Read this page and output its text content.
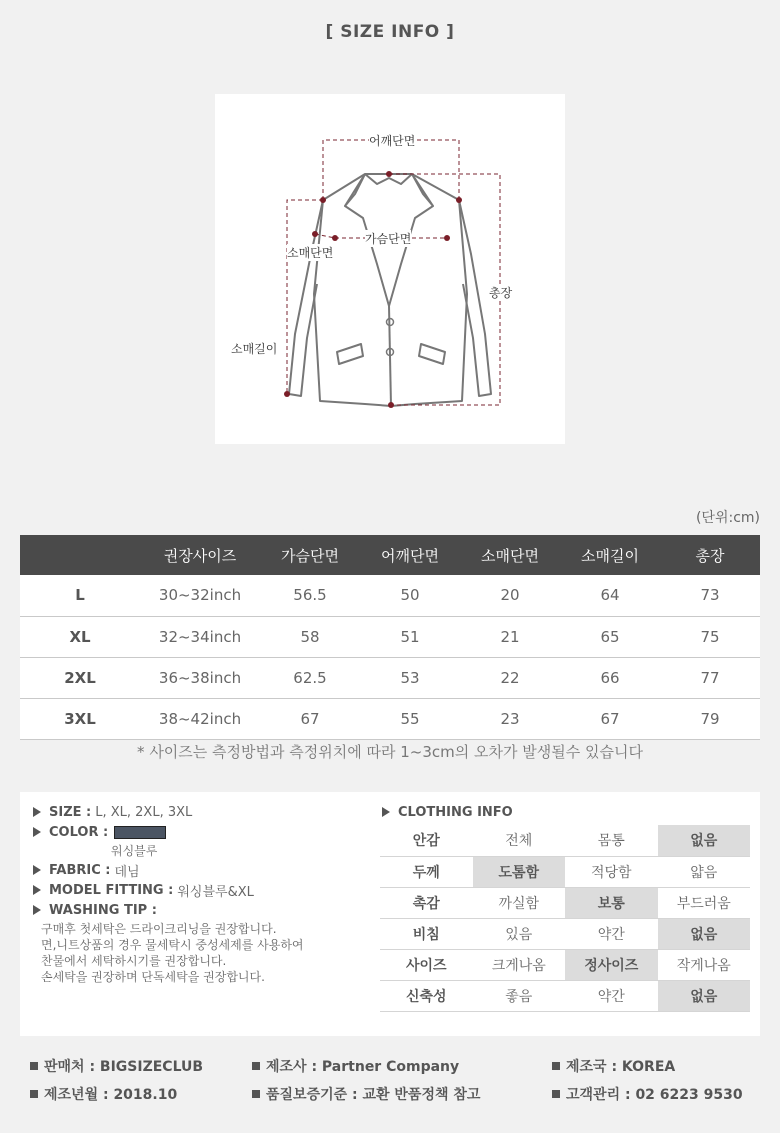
[ SIZE INFO ]
어깨단면
가슴단면
소매단면
총장
소매길이
(단위:cm)
	권장사이즈	가슴단면	어깨단면	소매단면	소매길이	총장
L	30~32inch	56.5	50	20	64	73
XL	32~34inch	58	51	21	65	75
2XL	36~38inch	62.5	53	22	66	77
3XL	38~42inch	67	55	23	67	79
* 사이즈는 측정방법과 측정위치에 따라 1~3cm의 오차가 발생될수 있습니다
SIZE : L, XL, 2XL, 3XL
COLOR :
워싱블루
FABRIC : 데님
MODEL FITTING : 워싱블루&XL
WASHING TIP :
구매후 첫세탁은 드라이크리닝을 권장합니다.
면,니트상품의 경우 물세탁시 중성세제를 사용하여
찬물에서 세탁하시기를 권장합니다.
손세탁을 권장하며 단독세탁을 권장합니다.
CLOTHING INFO
안감	전체	몸통	없음
두께	도톰함	적당함	얇음
촉감	까실함	보통	부드러움
비침	있음	약간	없음
사이즈	크게나옴	정사이즈	작게나옴
신축성	좋음	약간	없음
판매처 : BIGSIZECLUB	제조사 : Partner Company	제조국 : KOREA
제조년월 : 2018.10	품질보증기준 : 교환 반품정책 참고	고객관리 : 02 6223 9530
